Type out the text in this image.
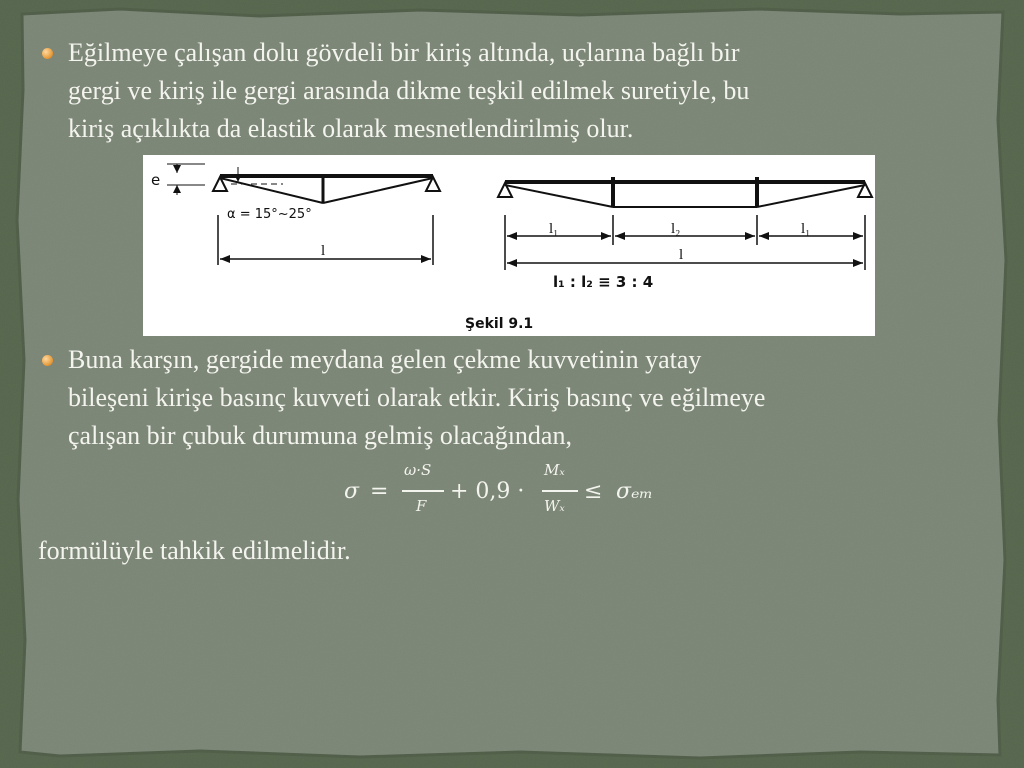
Eğilmeye çalışan dolu gövdeli bir kiriş altında, uçlarına bağlı bir
gergi ve kiriş ile gergi arasında dikme teşkil edilmek suretiyle, bu
kiriş açıklıkta da elastik olarak mesnetlendirilmiş olur.
e
α = 15°~25°
l
l₁	l₂	l₁
l
l₁ : l₂ ≡ 3 : 4
Şekil 9.1
Buna karşın, gergide meydana gelen çekme kuvvetinin yatay
bileşeni kirişe basınç kuvveti olarak etkir. Kiriş basınç ve eğilmeye
çalışan bir çubuk durumuna gelmiş olacağından,
σ =
ω·S
F
+ 0,9 ·
Mₓ
Wₓ
≤ σₑₘ
formülüyle tahkik edilmelidir.
